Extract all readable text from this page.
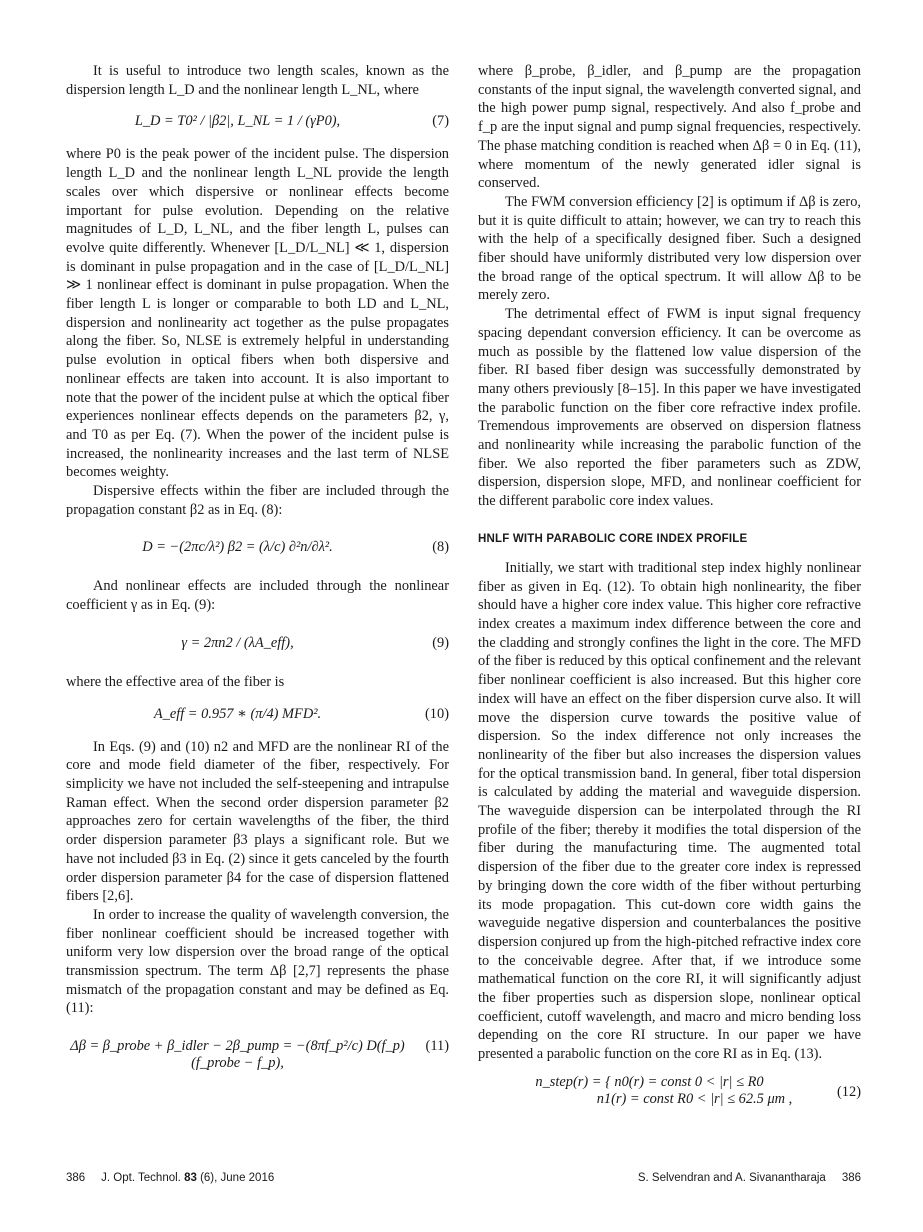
It is useful to introduce two length scales, known as the dispersion length L_D and the nonlinear length L_NL, where

L_D = T0² / |β2|, L_NL = 1 / (γP0),	(7)

where P0 is the peak power of the incident pulse. The dispersion length L_D and the nonlinear length L_NL provide the length scales over which dispersive or nonlinear effects become important for pulse evolution. Depending on the relative magnitudes of L_D, L_NL, and the fiber length L, pulses can evolve quite differently. Whenever [L_D/L_NL] ≪ 1, dispersion is dominant in pulse propagation and in the case of [L_D/L_NL] ≫ 1 nonlinear effect is dominant in pulse propagation. When the fiber length L is longer or comparable to both LD and L_NL, dispersion and nonlinearity act together as the pulse propagates along the fiber. So, NLSE is extremely helpful in understanding pulse evolution in optical fibers when both dispersive and nonlinear effects are taken into account. It is also important to note that the power of the incident pulse at which the optical fiber experiences nonlinear effects depends on the parameters β2, γ, and T0 as per Eq. (7). When the power of the incident pulse is increased, the nonlinearity increases and the last term of NLSE becomes weighty.

Dispersive effects within the fiber are included through the propagation constant β2 as in Eq. (8):

D = −(2πc/λ²) β2 = (λ/c) ∂²n/∂λ².	(8)

And nonlinear effects are included through the nonlinear coefficient γ as in Eq. (9):

γ = 2πn2 / (λA_eff),	(9)

where the effective area of the fiber is

A_eff = 0.957 ∗ (π/4) MFD².	(10)

In Eqs. (9) and (10) n2 and MFD are the nonlinear RI of the core and mode field diameter of the fiber, respectively. For simplicity we have not included the self-steepening and intrapulse Raman effect. When the second order dispersion parameter β2 approaches zero for certain wavelengths of the fiber, the third order dispersion parameter β3 plays a significant role. But we have not included β3 in Eq. (2) since it gets canceled by the fourth order dispersion parameter β4 for the case of dispersion flattened fibers [2,6].

In order to increase the quality of wavelength conversion, the fiber nonlinear coefficient should be increased together with uniform very low dispersion over the broad range of the optical transmission spectrum. The term Δβ [2,7] represents the phase mismatch of the propagation constant and may be defined as Eq. (11):

Δβ = β_probe + β_idler − 2β_pump = −(8πf_p²/c) D(f_p)(f_probe − f_p),
(11)

where β_probe, β_idler, and β_pump are the propagation constants of the input signal, the wavelength converted signal, and the high power pump signal, respectively. And also f_probe and f_p are the input signal and pump signal frequencies, respectively. The phase matching condition is reached when Δβ = 0 in Eq. (11), where momentum of the newly generated idler signal is conserved.

The FWM conversion efficiency [2] is optimum if Δβ is zero, but it is quite difficult to attain; however, we can try to reach this with the help of a specifically designed fiber. Such a designed fiber should have uniformly distributed very low dispersion over the broad range of the optical spectrum. It will allow Δβ to be merely zero.

The detrimental effect of FWM is input signal frequency spacing dependant conversion efficiency. It can be overcome as much as possible by the flattened low value dispersion of the fiber. RI based fiber design was successfully demonstrated by many others previously [8–15]. In this paper we have investigated the parabolic function on the fiber core refractive index profile. Tremendous improvements are observed on dispersion flatness and nonlinearity while increasing the parabolic function of the fiber. We also reported the fiber parameters such as ZDW, dispersion, dispersion slope, MFD, and nonlinear coefficient for the different parabolic core index values.

HNLF WITH PARABOLIC CORE INDEX PROFILE

Initially, we start with traditional step index highly nonlinear fiber as given in Eq. (12). To obtain high nonlinearity, the fiber should have a higher core index value. This higher core refractive index creates a maximum index difference between the core and the cladding and strongly confines the light in the core. The MFD of the fiber is reduced by this optical confinement and the relevant fiber nonlinear coefficient is also increased. But this higher core index will have an effect on the fiber dispersion curve also. It will move the dispersion curve towards the positive value of dispersion. So the index difference not only increases the nonlinearity of the fiber but also increases the dispersion values for the optical transmission band. In general, fiber total dispersion is calculated by adding the material and waveguide dispersion. The waveguide dispersion can be interpolated through the RI profile of the fiber; thereby it modifies the total dispersion of the fiber during the manufacturing time. The augmented total dispersion of the fiber due to the greater core index is repressed by bringing down the core width of the fiber without perturbing its mode propagation. This cut-down core width gains the waveguide negative dispersion and counterbalances the positive dispersion conjured up from the high-pitched refractive index core to the conceivable degree. After that, if we introduce some mathematical function on the core RI, it will significantly adjust the fiber properties such as dispersion slope, nonlinear optical coefficient, cutoff wavelength, and macro and micro bending loss depending on the core RI structure. In our paper we have presented a parabolic function on the core RI as in Eq. (13).

n_step(r) = { n0(r) = const 0 < |r| ≤ R0
n1(r) = const R0 < |r| ≤ 62.5 μm ,	(12)
386 J. Opt. Technol. 83 (6), June 2016	S. Selvendran and A. Sivanantharaja 386
